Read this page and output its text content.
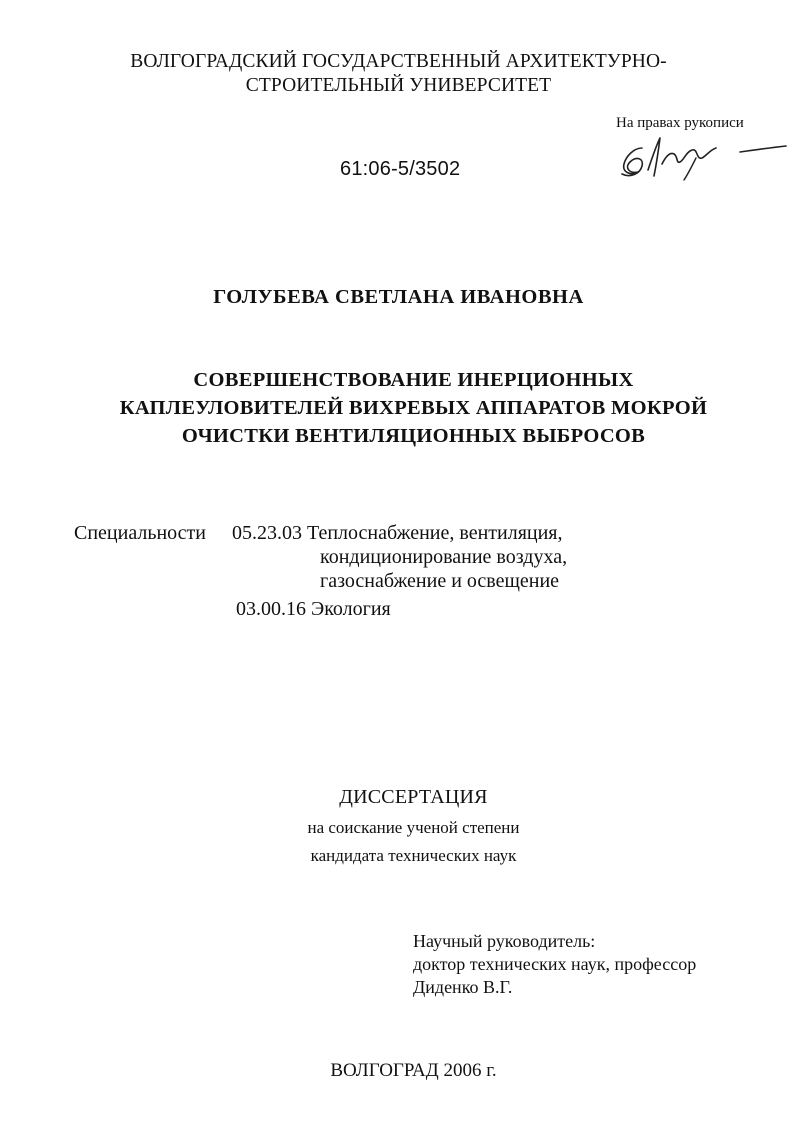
ВОЛГОГРАДСКИЙ ГОСУДАРСТВЕННЫЙ АРХИТЕКТУРНО-
СТРОИТЕЛЬНЫЙ УНИВЕРСИТЕТ
На правах рукописи
61:06-5/3502
ГОЛУБЕВА СВЕТЛАНА ИВАНОВНА
СОВЕРШЕНСТВОВАНИЕ ИНЕРЦИОННЫХ
КАПЛЕУЛОВИТЕЛЕЙ ВИХРЕВЫХ АППАРАТОВ МОКРОЙ
ОЧИСТКИ ВЕНТИЛЯЦИОННЫХ ВЫБРОСОВ
Специальности 05.23.03 Теплоснабжение, вентиляция,
кондиционирование воздуха,
газоснабжение и освещение
03.00.16 Экология
ДИССЕРТАЦИЯ
на соискание ученой степени
кандидата технических наук
Научный руководитель:
доктор технических наук, профессор
Диденко В.Г.
ВОЛГОГРАД 2006 г.
